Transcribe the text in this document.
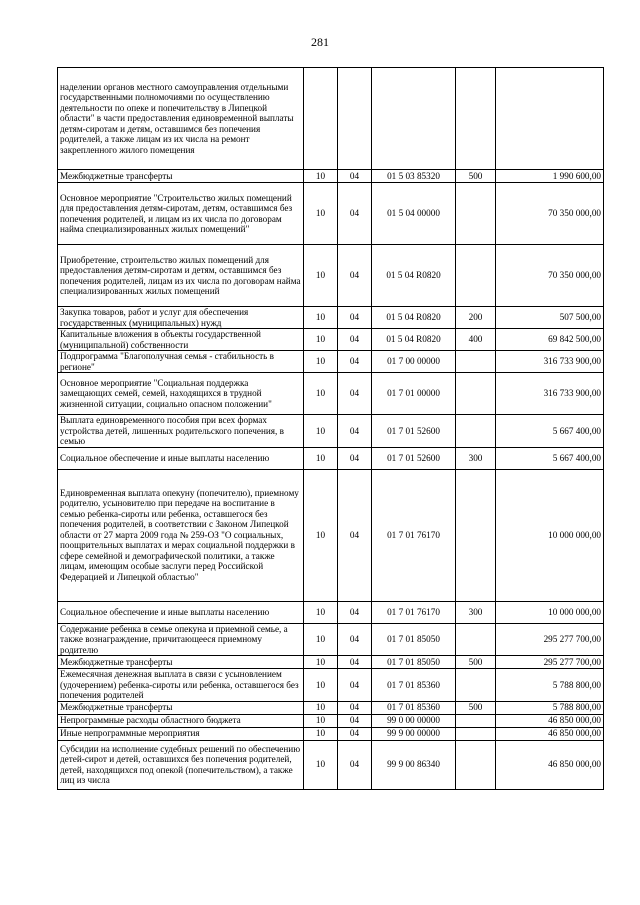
281
наделении органов местного самоуправления отдельными государственными полномочиями по осуществлению деятельности по опеке и попечительству в Липецкой области" в части предоставления единовременной выплаты детям-сиротам и детям, оставшимся без попечения родителей, а также лицам из их числа на ремонт закрепленного жилого помещения					
Межбюджетные трансферты	10	04	01 5 03 85320	500	1 990 600,00
Основное мероприятие "Строительство жилых помещений для предоставления детям-сиротам, детям, оставшимся без попечения родителей, и лицам из их числа по договорам найма специализированных жилых помещений"	10	04	01 5 04 00000		70 350 000,00
Приобретение, строительство жилых помещений для предоставления детям-сиротам и детям, оставшимся без попечения родителей, лицам из их числа по договорам найма специализированных жилых помещений	10	04	01 5 04 R0820		70 350 000,00
Закупка товаров, работ и услуг для обеспечения государственных (муниципальных) нужд	10	04	01 5 04 R0820	200	507 500,00
Капитальные вложения в объекты государственной (муниципальной) собственности	10	04	01 5 04 R0820	400	69 842 500,00
Подпрограмма "Благополучная семья - стабильность в регионе"	10	04	01 7 00 00000		316 733 900,00
Основное мероприятие "Социальная поддержка замещающих семей, семей, находящихся в трудной жизненной ситуации, социально опасном положении"	10	04	01 7 01 00000		316 733 900,00
Выплата единовременного пособия при всех формах устройства детей, лишенных родительского попечения, в семью	10	04	01 7 01 52600		5 667 400,00
Социальное обеспечение и иные выплаты населению	10	04	01 7 01 52600	300	5 667 400,00
Единовременная выплата опекуну (попечителю), приемному родителю, усыновителю при передаче на воспитание в семью ребенка-сироты или ребенка, оставшегося без попечения родителей, в соответствии с Законом Липецкой области от 27 марта 2009 года № 259-ОЗ "О социальных, поощрительных выплатах и мерах социальной поддержки в сфере семейной и демографической политики, а также лицам, имеющим особые заслуги перед Российской Федерацией и Липецкой областью"	10	04	01 7 01 76170		10 000 000,00
Социальное обеспечение и иные выплаты населению	10	04	01 7 01 76170	300	10 000 000,00
Содержание ребенка в семье опекуна и приемной семье, а также вознаграждение, причитающееся приемному родителю	10	04	01 7 01 85050		295 277 700,00
Межбюджетные трансферты	10	04	01 7 01 85050	500	295 277 700,00
Ежемесячная денежная выплата в связи с усыновлением (удочерением) ребенка-сироты или ребенка, оставшегося без попечения родителей	10	04	01 7 01 85360		5 788 800,00
Межбюджетные трансферты	10	04	01 7 01 85360	500	5 788 800,00
Непрограммные расходы областного бюджета	10	04	99 0 00 00000		46 850 000,00
Иные непрограммные мероприятия	10	04	99 9 00 00000		46 850 000,00
Субсидии на исполнение судебных решений по обеспечению детей-сирот и детей, оставшихся без попечения родителей, детей, находящихся под опекой (попечительством), а также лиц из числа	10	04	99 9 00 86340		46 850 000,00
